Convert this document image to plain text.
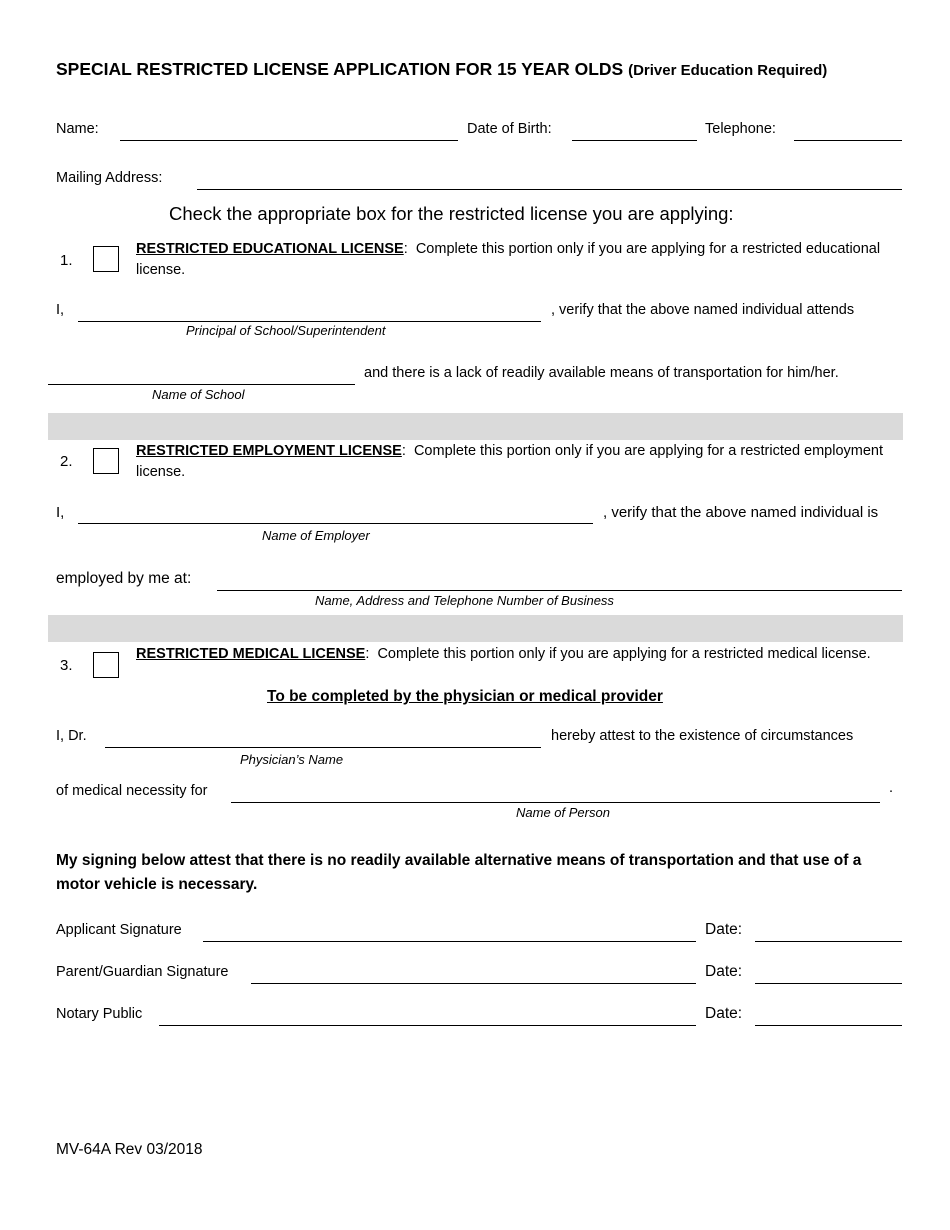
SPECIAL RESTRICTED LICENSE APPLICATION FOR 15 YEAR OLDS (Driver Education Required)
Name:	Date of Birth:	Telephone:
Mailing Address:
Check the appropriate box for the restricted license you are applying:
1.
RESTRICTED EDUCATIONAL LICENSE: Complete this portion only if you are applying for a restricted educational license.
I,	, verify that the above named individual attends
Principal of School/Superintendent
and there is a lack of readily available means of transportation for him/her.
Name of School
2.
RESTRICTED EMPLOYMENT LICENSE: Complete this portion only if you are applying for a restricted employment license.
I,	, verify that the above named individual is
Name of Employer
employed by me at:
Name, Address and Telephone Number of Business
3.
RESTRICTED MEDICAL LICENSE: Complete this portion only if you are applying for a restricted medical license.
To be completed by the physician or medical provider
I, Dr.	hereby attest to the existence of circumstances
Physician’s Name
of medical necessity for	.
Name of Person
My signing below attest that there is no readily available alternative means of transportation and that use of a motor vehicle is necessary.
Applicant Signature	Date:
Parent/Guardian Signature	Date:
Notary Public	Date:
MV-64A Rev 03/2018
